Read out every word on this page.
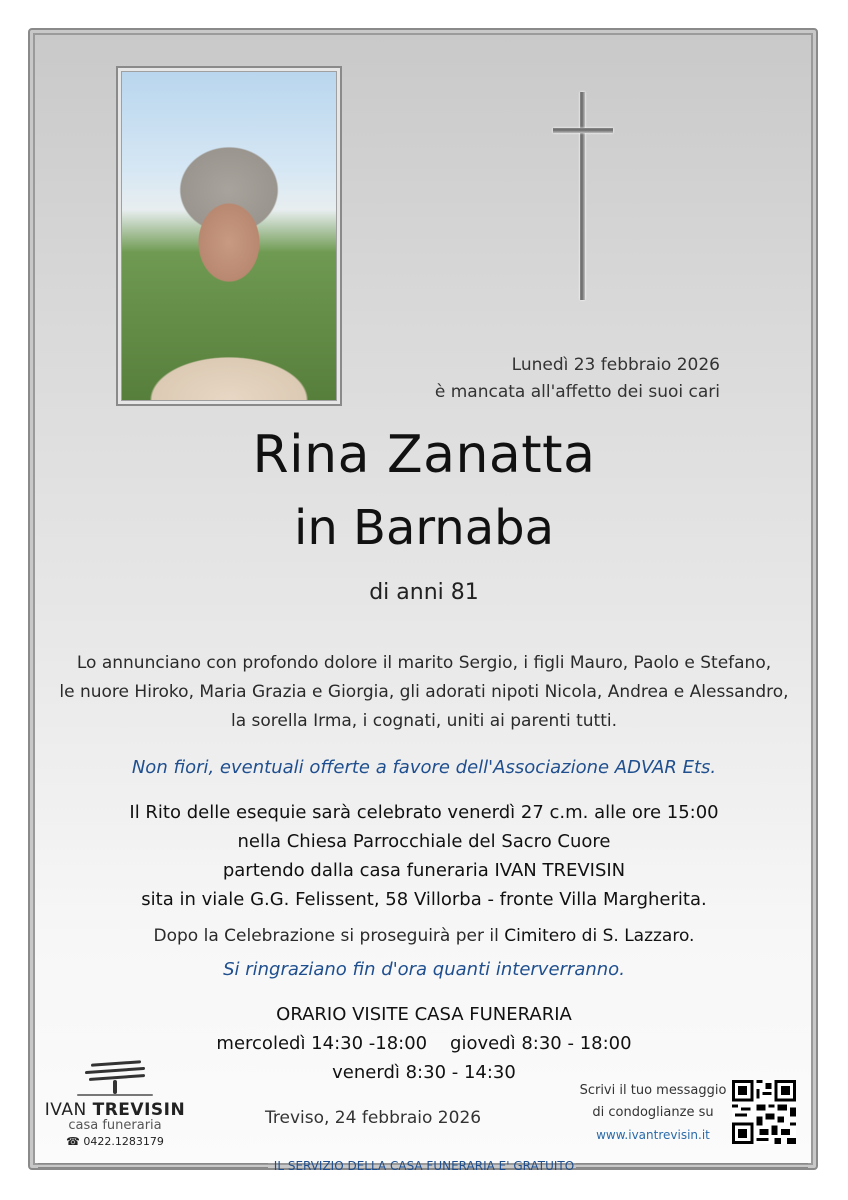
Lunedì 23 febbraio 2026
è mancata all'affetto dei suoi cari

Rina Zanatta

in Barnaba

di anni 81

Lo annunciano con profondo dolore il marito Sergio, i figli Mauro, Paolo e Stefano,
le nuore Hiroko, Maria Grazia e Giorgia, gli adorati nipoti Nicola, Andrea e Alessandro,
la sorella Irma, i cognati, uniti ai parenti tutti.

Non fiori, eventuali offerte a favore dell'Associazione ADVAR Ets.

Il Rito delle esequie sarà celebrato venerdì 27 c.m. alle ore 15:00
nella Chiesa Parrocchiale del Sacro Cuore
partendo dalla casa funeraria IVAN TREVISIN
sita in viale G.G. Felissent, 58 Villorba - fronte Villa Margherita.

Dopo la Celebrazione si proseguirà per il Cimitero di S. Lazzaro.

Si ringraziano fin d'ora quanti interverranno.

ORARIO VISITE CASA FUNERARIA
mercoledì 14:30 -18:00    giovedì 8:30 - 18:00
venerdì 8:30 - 14:30
IVAN TREVISIN
casa funeraria
☎ 0422.1283179
Treviso, 24 febbraio 2026
Scrivi il tuo messaggio
di condoglianze su
www.ivantrevisin.it
IL SERVIZIO DELLA CASA FUNERARIA E' GRATUITO
